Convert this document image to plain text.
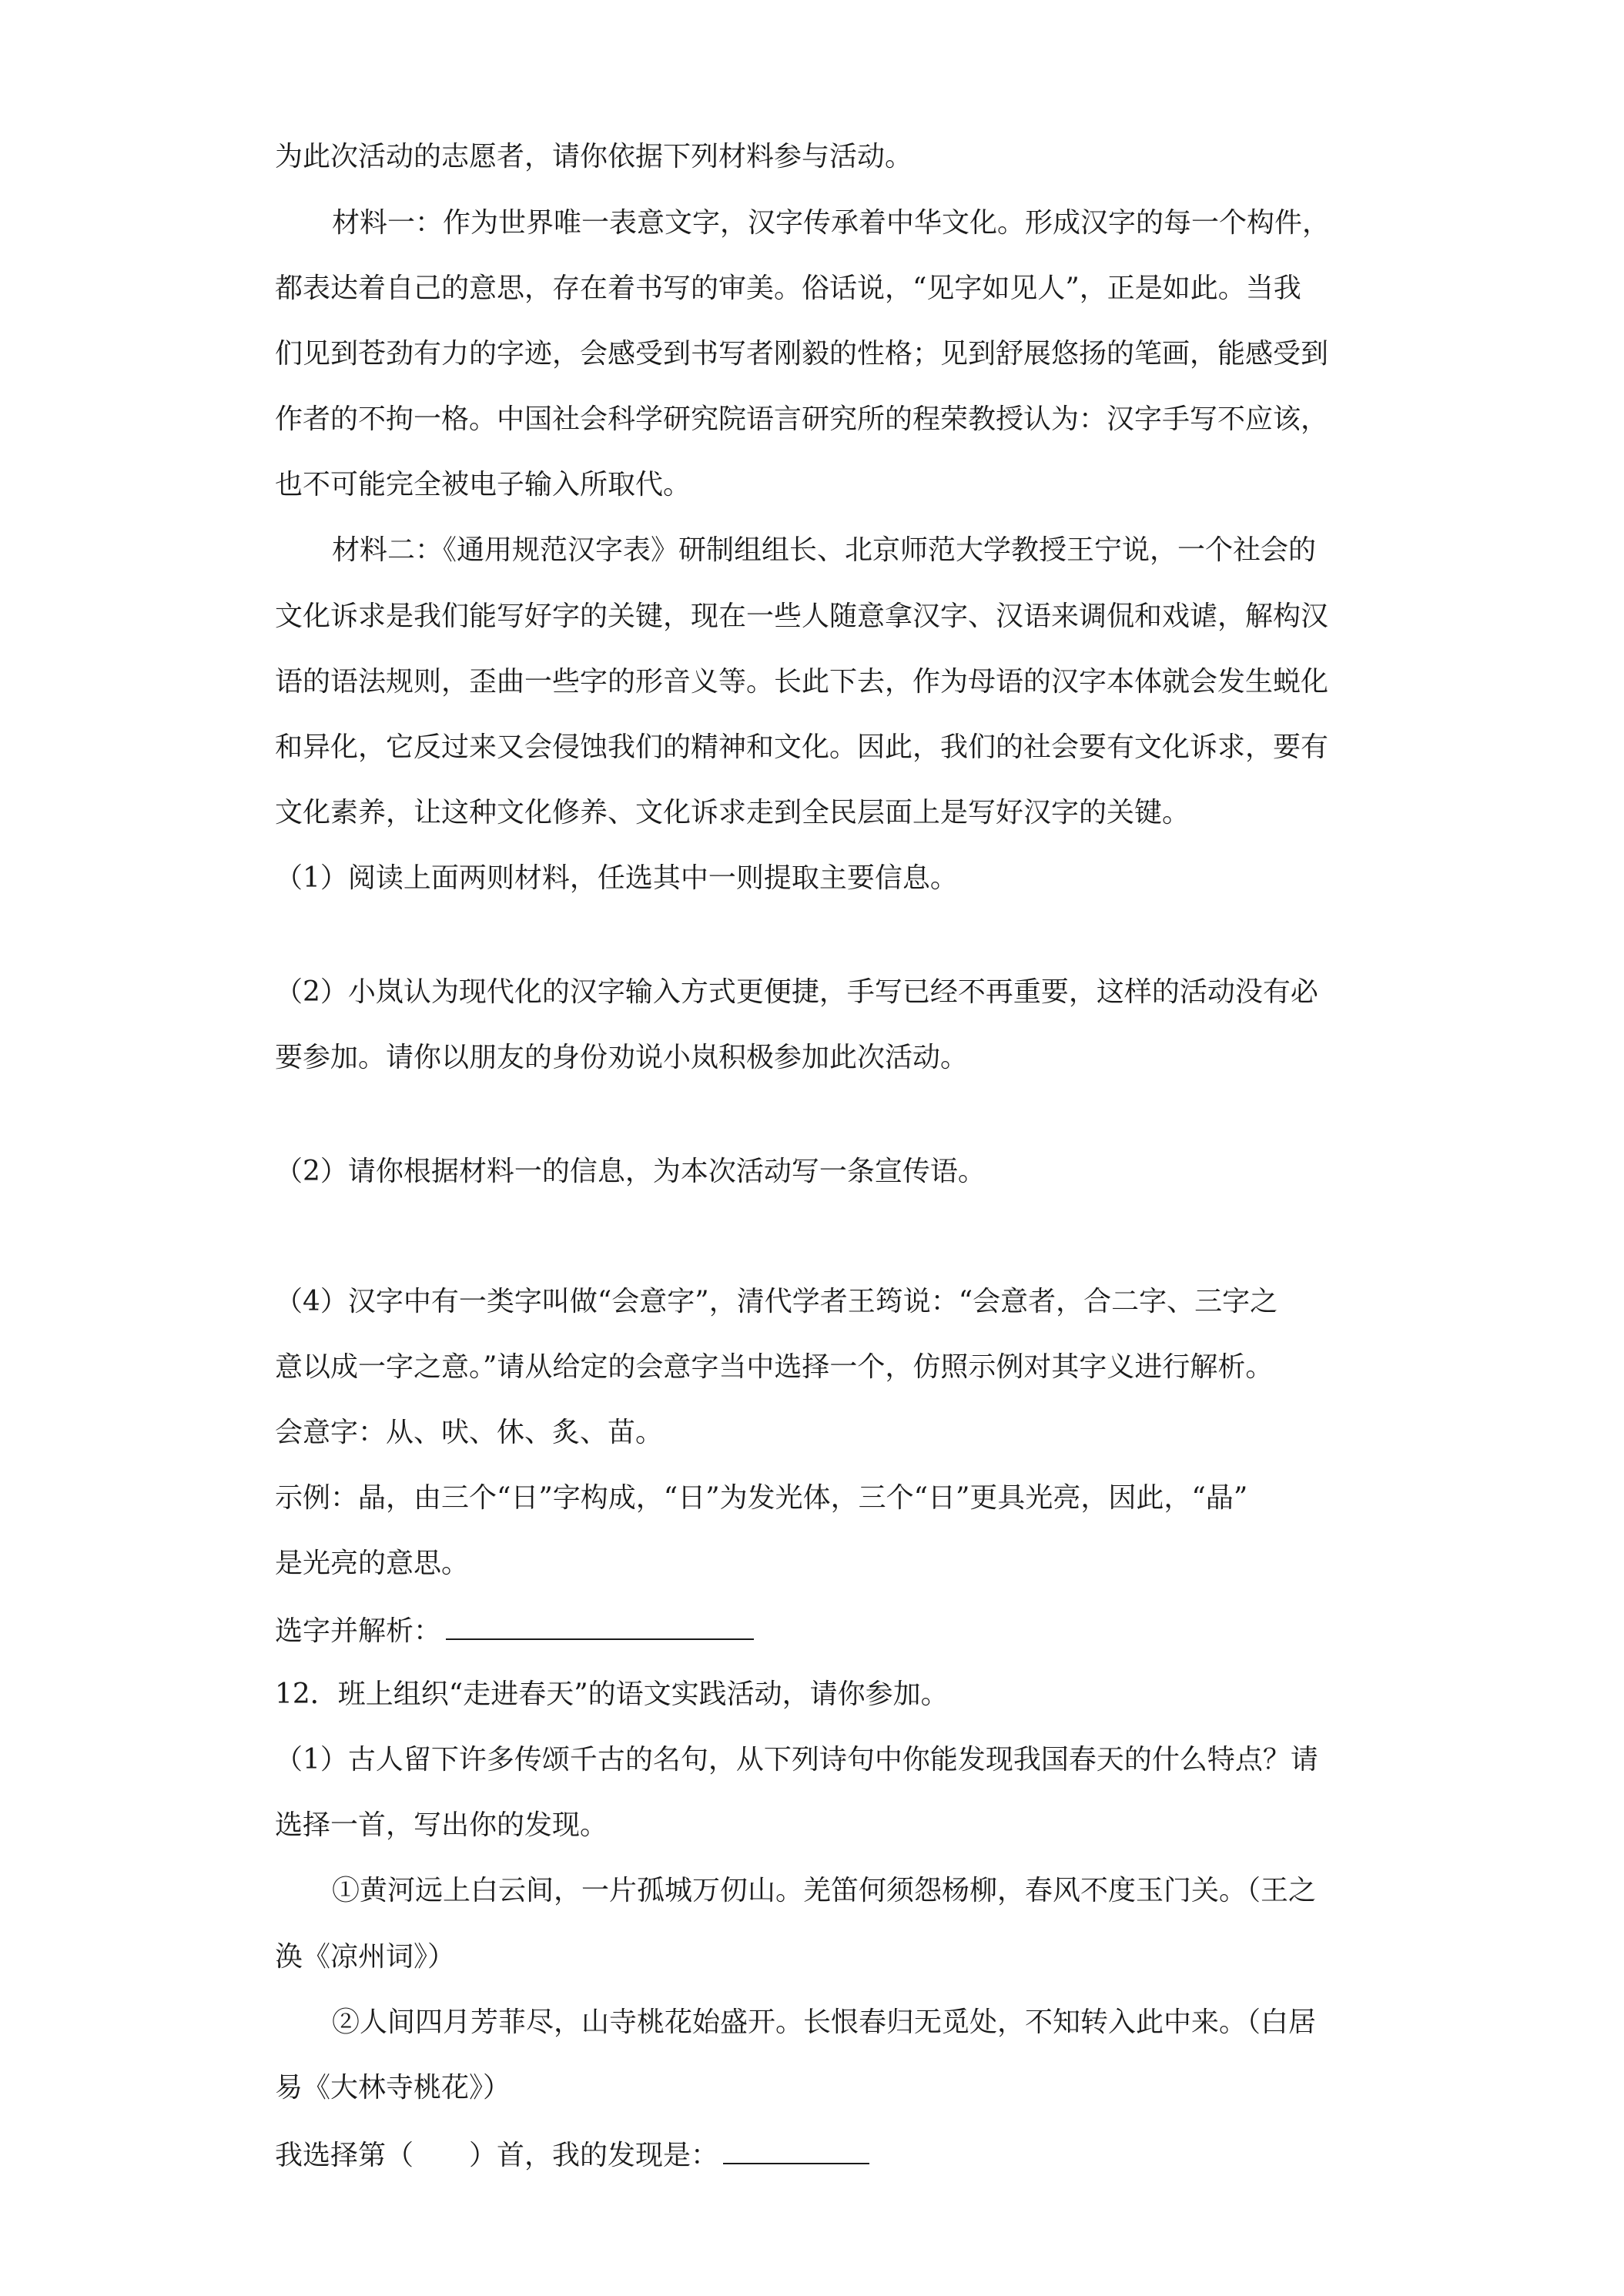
为此次活动的志愿者，请你依据下列材料参与活动。
材料一：作为世界唯一表意文字，汉字传承着中华文化。形成汉字的每一个构件，
都表达着自己的意思，存在着书写的审美。俗话说，“见字如见人”，正是如此。当我
们见到苍劲有力的字迹，会感受到书写者刚毅的性格；见到舒展悠扬的笔画，能感受到
作者的不拘一格。中国社会科学研究院语言研究所的程荣教授认为：汉字手写不应该，
也不可能完全被电子输入所取代。
材料二：《通用规范汉字表》研制组组长、北京师范大学教授王宁说，一个社会的
文化诉求是我们能写好字的关键，现在一些人随意拿汉字、汉语来调侃和戏谑，解构汉
语的语法规则，歪曲一些字的形音义等。长此下去，作为母语的汉字本体就会发生蜕化
和异化，它反过来又会侵蚀我们的精神和文化。因此，我们的社会要有文化诉求，要有
文化素养，让这种文化修养、文化诉求走到全民层面上是写好汉字的关键。
（1）阅读上面两则材料，任选其中一则提取主要信息。
（2）小岚认为现代化的汉字输入方式更便捷，手写已经不再重要，这样的活动没有必
要参加。请你以朋友的身份劝说小岚积极参加此次活动。
（2）请你根据材料一的信息，为本次活动写一条宣传语。
（4）汉字中有一类字叫做“会意字”，清代学者王筠说：“会意者，合二字、三字之
意以成一字之意。”请从给定的会意字当中选择一个，仿照示例对其字义进行解析。
会意字：从、吠、休、炙、苗。
示例：晶，由三个“日”字构成，“日”为发光体，三个“日”更具光亮，因此，“晶”
是光亮的意思。
选字并解析：
12．班上组织“走进春天”的语文实践活动，请你参加。
（1）古人留下许多传颂千古的名句，从下列诗句中你能发现我国春天的什么特点？请
选择一首，写出你的发现。
①黄河远上白云间，一片孤城万仞山。羌笛何须怨杨柳，春风不度玉门关。（王之
涣《凉州词》）
②人间四月芳菲尽，山寺桃花始盛开。长恨春归无觅处，不知转入此中来。（白居
易《大林寺桃花》）
我选择第（　　）首，我的发现是：
